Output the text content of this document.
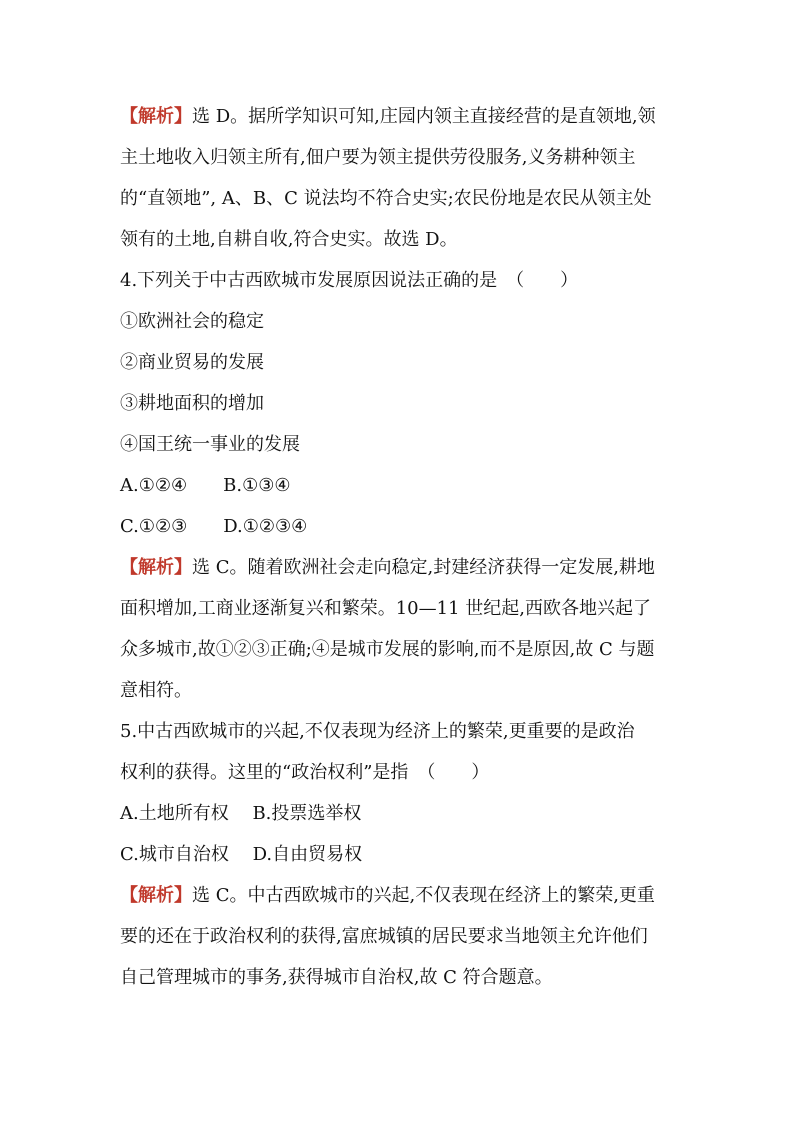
【解析】选 D。据所学知识可知,庄园内领主直接经营的是直领地,领

主土地收入归领主所有,佃户要为领主提供劳役服务,义务耕种领主

的“直领地”, A、B、C 说法均不符合史实;农民份地是农民从领主处

领有的土地,自耕自收,符合史实。故选 D。

4.下列关于中古西欧城市发展原因说法正确的是　（　　）

①欧洲社会的稳定

②商业贸易的发展

③耕地面积的增加

④国王统一事业的发展

A.①②④　　B.①③④

C.①②③　　D.①②③④

【解析】选 C。随着欧洲社会走向稳定,封建经济获得一定发展,耕地

面积增加,工商业逐渐复兴和繁荣。10—11 世纪起,西欧各地兴起了

众多城市,故①②③正确;④是城市发展的影响,而不是原因,故 C 与题

意相符。

5.中古西欧城市的兴起,不仅表现为经济上的繁荣,更重要的是政治

权利的获得。这里的“政治权利”是指　（　　）

A.土地所有权　 B.投票选举权

C.城市自治权　 D.自由贸易权

【解析】选 C。中古西欧城市的兴起,不仅表现在经济上的繁荣,更重

要的还在于政治权利的获得,富庶城镇的居民要求当地领主允许他们

自己管理城市的事务,获得城市自治权,故 C 符合题意。
